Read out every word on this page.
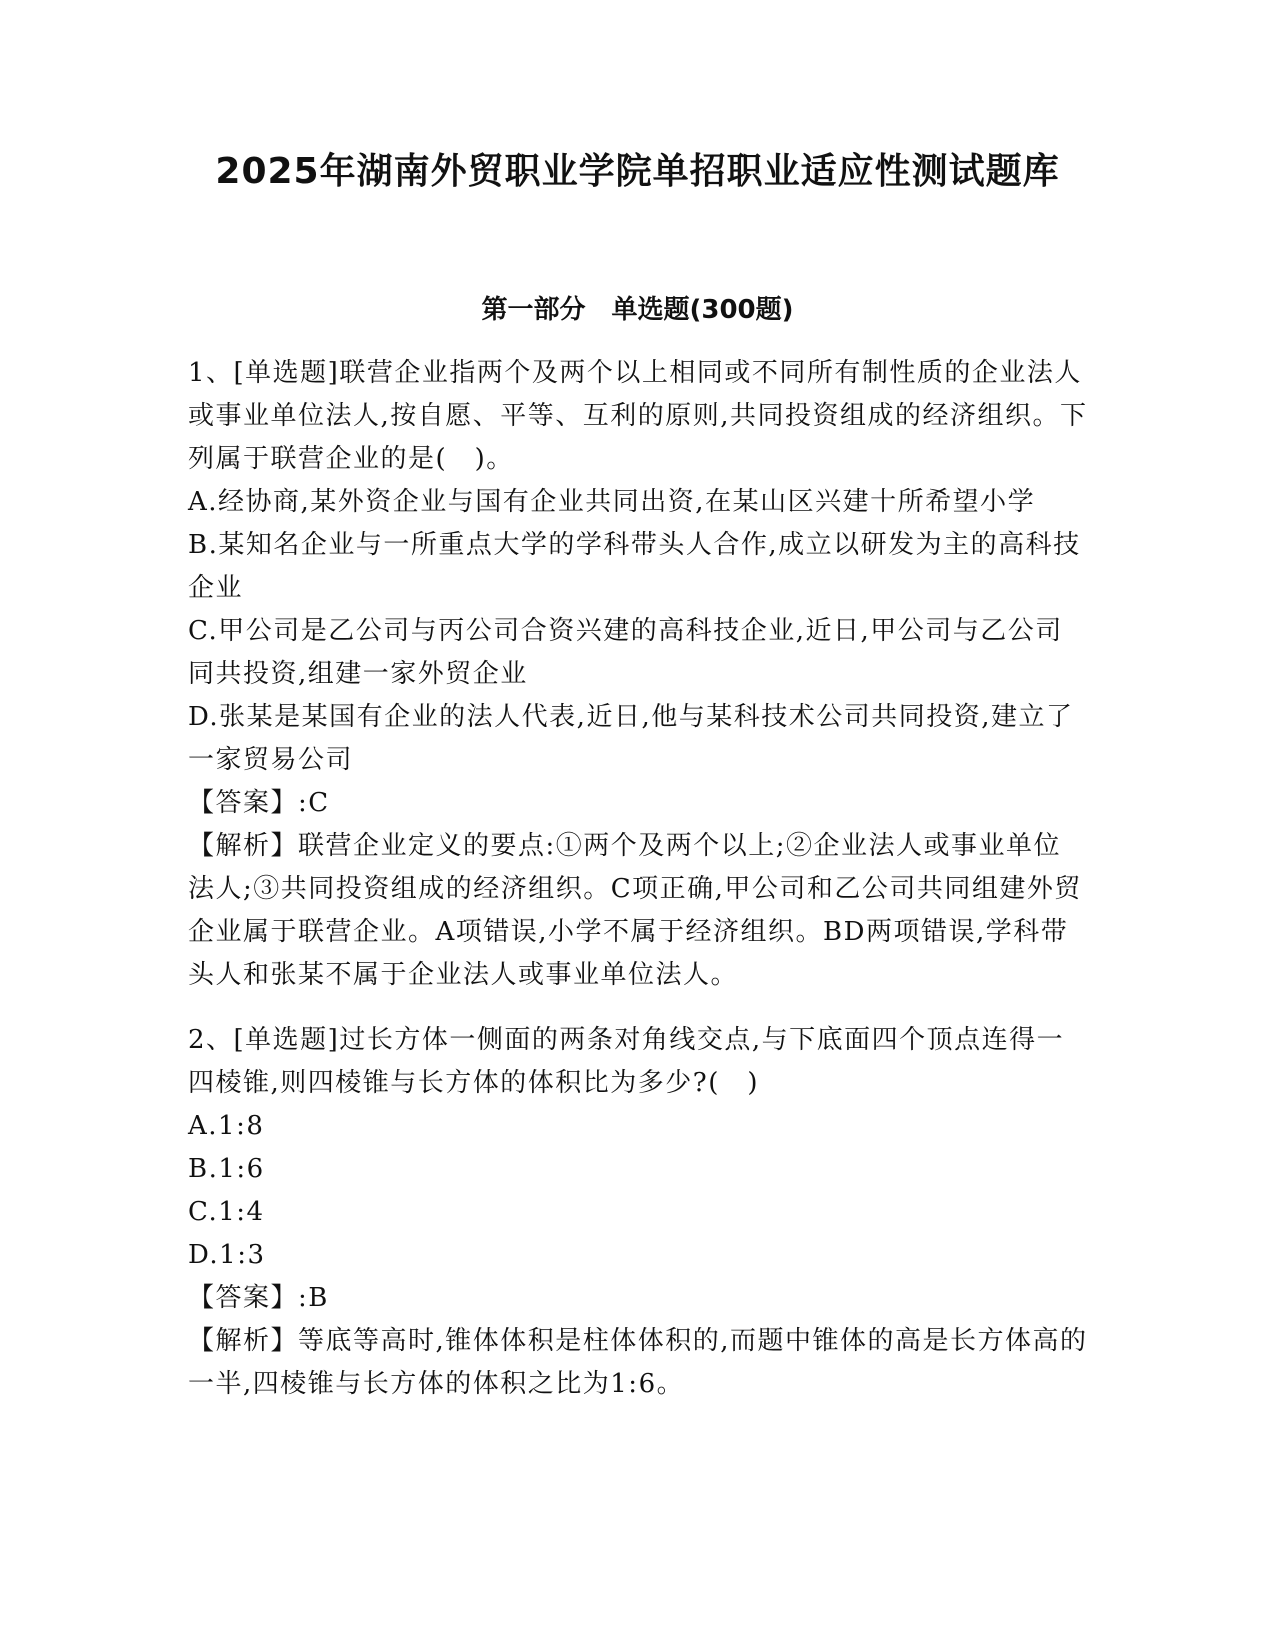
2025年湖南外贸职业学院单招职业适应性测试题库
第一部分　单选题(300题)

1、[单选题]联营企业指两个及两个以上相同或不同所有制性质的企业法人或事业单位法人,按自愿、平等、互利的原则,共同投资组成的经济组织。下列属于联营企业的是(　)。

A.经协商,某外资企业与国有企业共同出资,在某山区兴建十所希望小学

B.某知名企业与一所重点大学的学科带头人合作,成立以研发为主的高科技企业

C.甲公司是乙公司与丙公司合资兴建的高科技企业,近日,甲公司与乙公司同共投资,组建一家外贸企业

D.张某是某国有企业的法人代表,近日,他与某科技术公司共同投资,建立了一家贸易公司

【答案】:C

【解析】联营企业定义的要点:①两个及两个以上;②企业法人或事业单位法人;③共同投资组成的经济组织。C项正确,甲公司和乙公司共同组建外贸企业属于联营企业。A项错误,小学不属于经济组织。BD两项错误,学科带头人和张某不属于企业法人或事业单位法人。

2、[单选题]过长方体一侧面的两条对角线交点,与下底面四个顶点连得一四棱锥,则四棱锥与长方体的体积比为多少?(　)

A.1:8

B.1:6

C.1:4

D.1:3

【答案】:B

【解析】等底等高时,锥体体积是柱体体积的,而题中锥体的高是长方体高的一半,四棱锥与长方体的体积之比为1:6。
